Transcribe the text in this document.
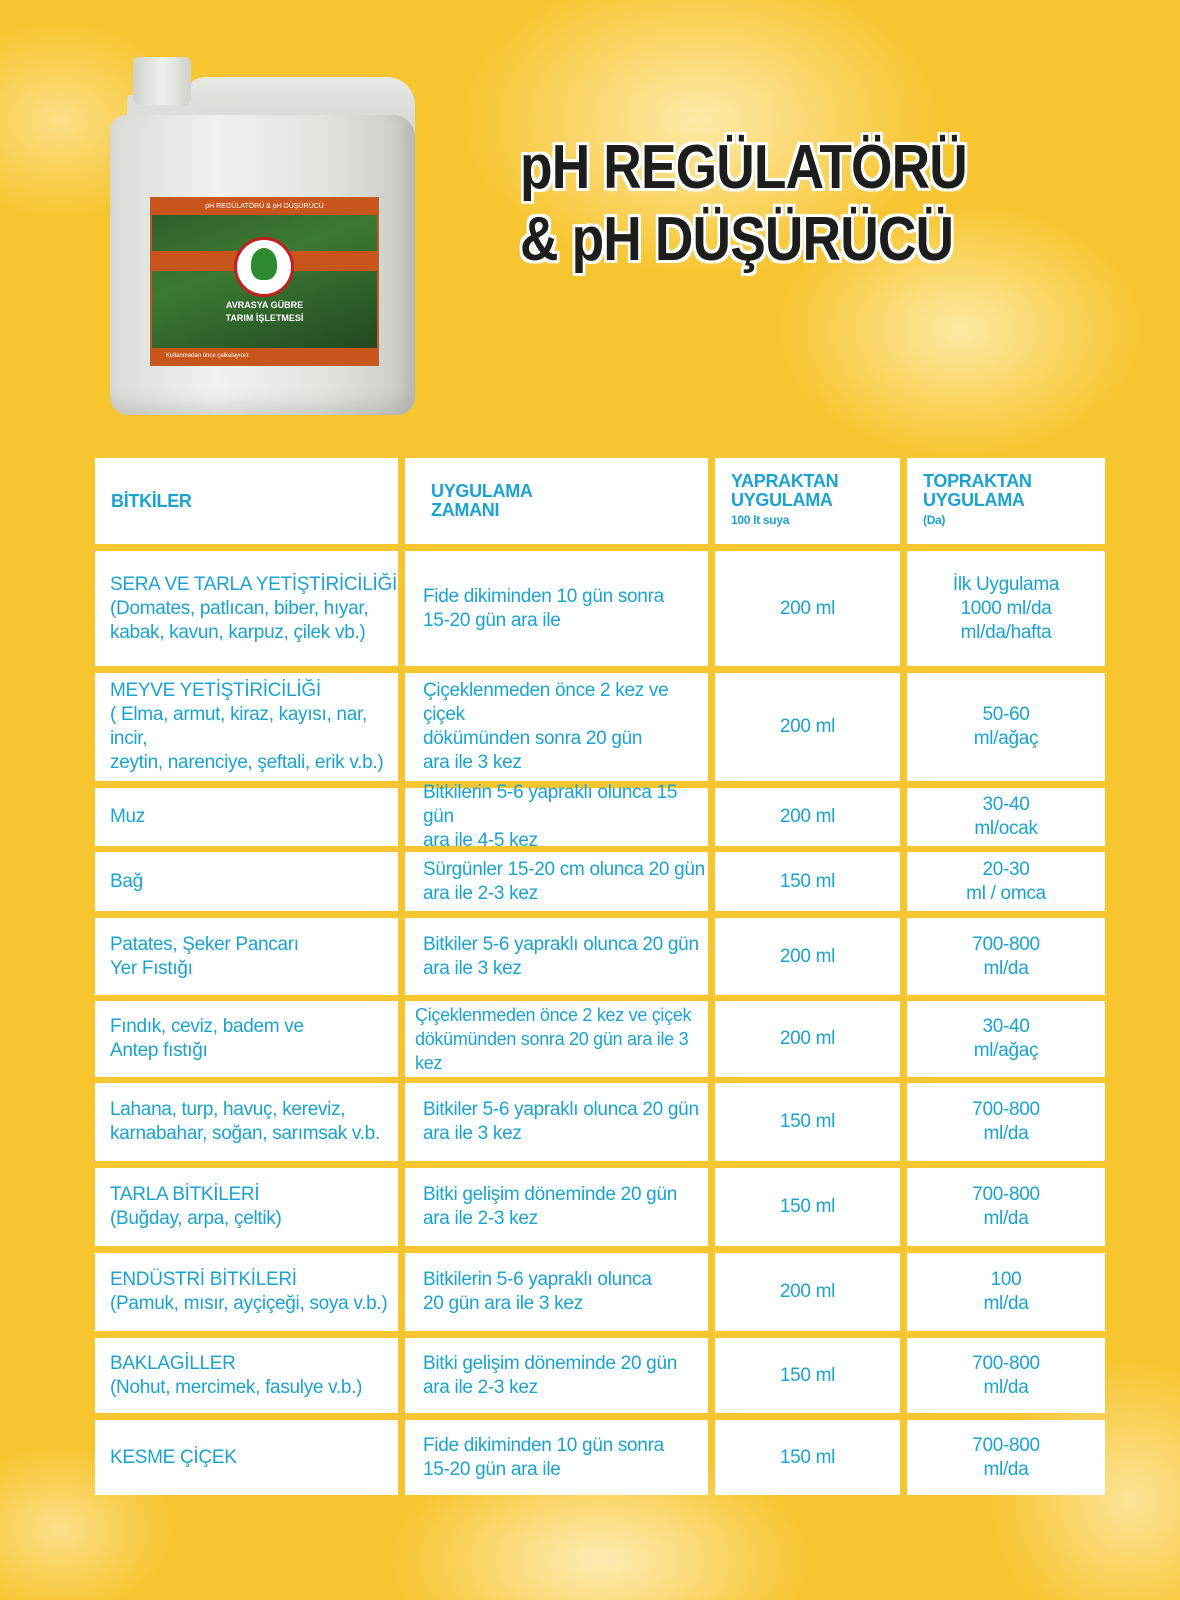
pH REGÜLATÖRÜ & pH DÜŞÜRÜCÜ
AVRASYA GÜBRE
TARIM İŞLETMESİ
Kullanmadan önce çalkalayınız
pH REGÜLATÖRÜ
& pH DÜŞÜRÜCÜ
BİTKİLER	UYGULAMA
ZAMANI
YAPRAKTAN
UYGULAMA
100 lt suya
TOPRAKTAN
UYGULAMA
(Da)
SERA VE TARLA YETİŞTİRİCİLİĞİ
(Domates, patlıcan, biber, hıyar,
kabak, kavun, karpuz, çilek vb.)
Fide dikiminden 10 gün sonra
15-20 gün ara ile
200 ml
İlk Uygulama
1000 ml/da
ml/da/hafta
MEYVE YETİŞTİRİCİLİĞİ
( Elma, armut, kiraz, kayısı, nar, incir,
zeytin, narenciye, şeftali, erik v.b.)
Çiçeklenmeden önce 2 kez ve çiçek
dökümünden sonra 20 gün
ara ile 3 kez
200 ml
50-60
ml/ağaç
Muz
Bitkilerin 5-6 yapraklı olunca 15 gün
ara ile 4-5 kez
200 ml
30-40
ml/ocak
Bağ
Sürgünler 15-20 cm olunca 20 gün
ara ile 2-3 kez
150 ml
20-30
ml / omca
Patates, Şeker Pancarı
Yer Fıstığı
Bitkiler 5-6 yapraklı olunca 20 gün
ara ile 3 kez
200 ml
700-800
ml/da
Fındık, ceviz, badem ve
Antep fıstığı
Çiçeklenmeden önce 2 kez ve çiçek
dökümünden sonra 20 gün ara ile 3 kez
200 ml
30-40
ml/ağaç
Lahana, turp, havuç, kereviz,
karnabahar, soğan, sarımsak v.b.
Bitkiler 5-6 yapraklı olunca 20 gün
ara ile 3 kez
150 ml
700-800
ml/da
TARLA BİTKİLERİ
(Buğday, arpa, çeltik)
Bitki gelişim döneminde 20 gün
ara ile 2-3 kez
150 ml
700-800
ml/da
ENDÜSTRİ BİTKİLERİ
(Pamuk, mısır, ayçiçeği, soya v.b.)
Bitkilerin 5-6 yapraklı olunca
20 gün ara ile 3 kez
200 ml
100
ml/da
BAKLAGİLLER
(Nohut, mercimek, fasulye v.b.)
Bitki gelişim döneminde 20 gün
ara ile 2-3 kez
150 ml
700-800
ml/da
KESME ÇİÇEK
Fide dikiminden 10 gün sonra
15-20 gün ara ile
150 ml
700-800
ml/da
